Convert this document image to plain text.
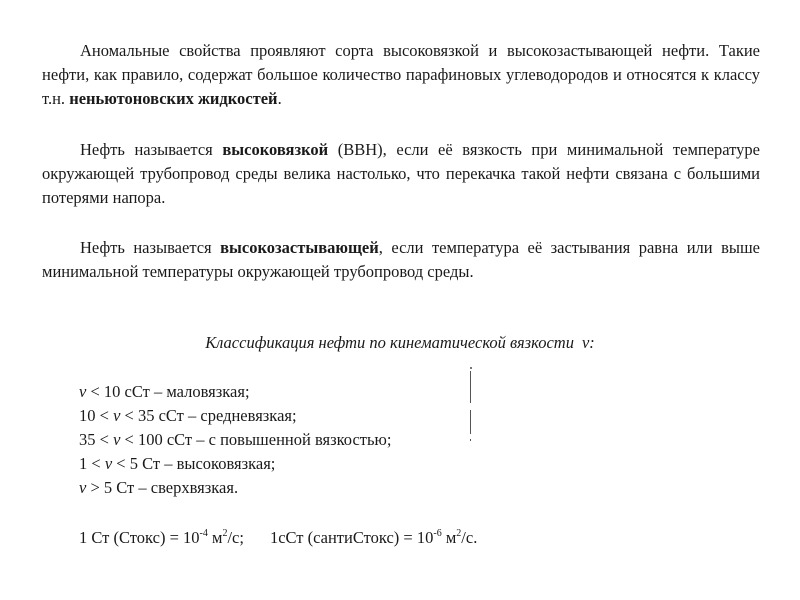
Аномальные свойства проявляют сорта высоковязкой и высокозастывающей нефти. Такие нефти, как правило, содержат большое количество парафиновых углеводородов и относятся к классу т.н. неньютоновских жидкостей.

Нефть называется высоковязкой (ВВН), если её вязкость при минимальной температуре окружающей трубопровод среды велика настолько, что перекачка такой нефти связана с большими потерями напора.

Нефть называется высокозастывающей, если температура её застывания равна или выше минимальной температуры окружающей трубопровод среды.

Классификация нефти по кинематической вязкости ν:

ν < 10 сСт – маловязкая;
10 < ν < 35 сСт – средневязкая;
35 < ν < 100 сСт – с повышенной вязкостью;
1 < ν < 5 Ст – высоковязкая;
ν > 5 Ст – сверхвязкая.

1 Ст (Стокс) = $10^{-4}$ $м^2/с$; 1сСт (сантиСтокс) = $10^{-6}$ $м^2/с$.
